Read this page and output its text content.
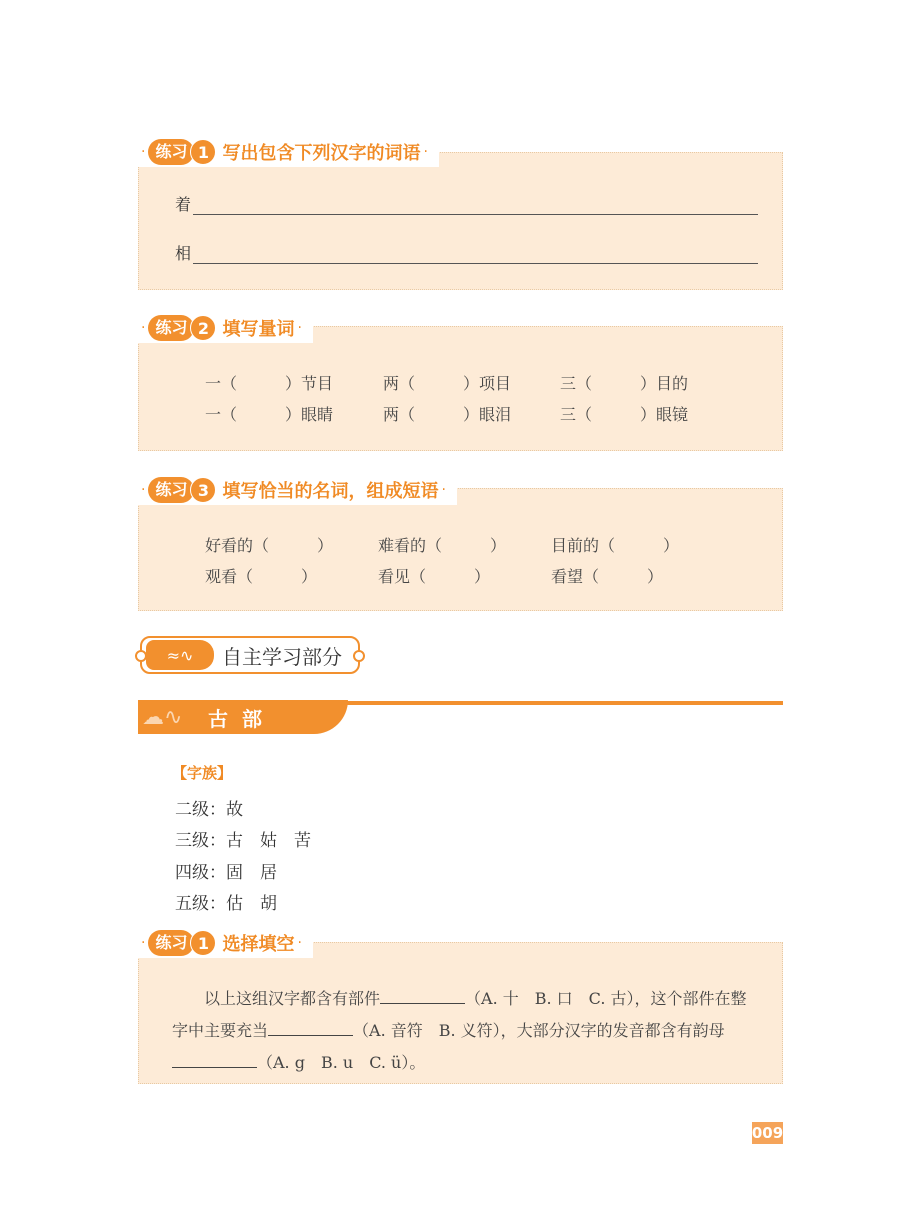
· 练习 1 写出包含下列汉字的词语 ·
着
相
· 练习 2 填写量词 ·
一（　　　）节目	两（　　　）项目	三（　　　）目的
一（　　　）眼睛	两（　　　）眼泪	三（　　　）眼镜
· 练习 3 填写恰当的名词，组成短语 ·
好看的（　　　）	难看的（　　　）	目前的（　　　）
观看（　　　）	看见（　　　）	看望（　　　）
≈∿	自主学习部分
☁∿	古部
【字族】
二级：故
三级：古　姑　苦
四级：固　居
五级：估　胡
· 练习 1 选择填空 ·
以上这组汉字都含有部件	（A. 十　B. 口　C. 古），这个部件在整字中主要充当	（A. 音符　B. 义符），大部分汉字的发音都含有韵母（A. g　B. u　C. ü）。
009
